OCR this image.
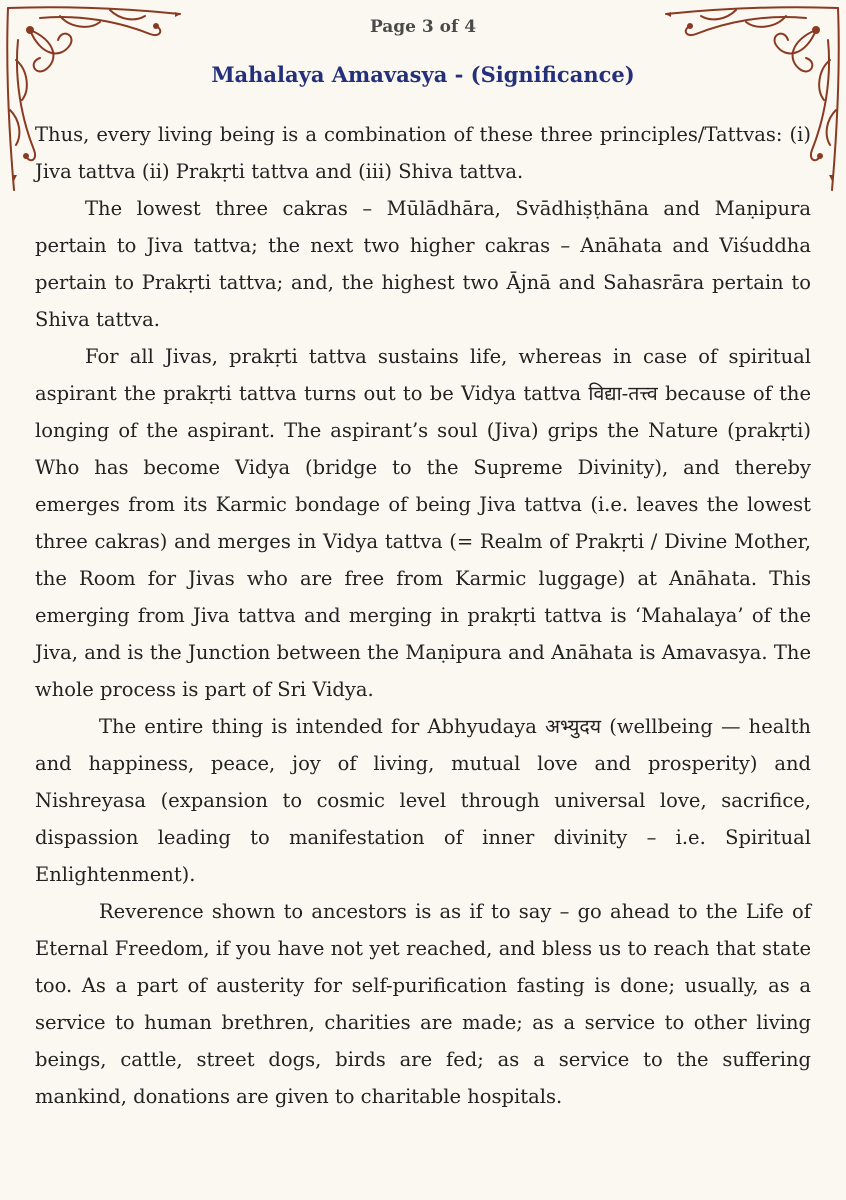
Page 3 of 4
Mahalaya Amavasya - (Significance)

Thus, every living being is a combination of these three principles/Tattvas: (i) Jiva tattva (ii) Prakṛti tattva and (iii) Shiva tattva.

The lowest three cakras – Mūlādhāra, Svādhiṣṭhāna and Maṇipura pertain to Jiva tattva; the next two higher cakras – Anāhata and Viśuddha pertain to Prakṛti tattva; and, the highest two Ājnā and Sahasrāra pertain to Shiva tattva.

For all Jivas, prakṛti tattva sustains life, whereas in case of spiritual aspirant the prakṛti tattva turns out to be Vidya tattva विद्या-तत्त्व because of the longing of the aspirant. The aspirant’s soul (Jiva) grips the Nature (prakṛti) Who has become Vidya (bridge to the Supreme Divinity), and thereby emerges from its Karmic bondage of being Jiva tattva (i.e. leaves the lowest three cakras) and merges in Vidya tattva (= Realm of Prakṛti / Divine Mother, the Room for Jivas who are free from Karmic luggage) at Anāhata. This emerging from Jiva tattva and merging in prakṛti tattva is ‘Mahalaya’ of the Jiva, and is the Junction between the Maṇipura and Anāhata is Amavasya. The whole process is part of Sri Vidya.

The entire thing is intended for Abhyudaya अभ्युदय (wellbeing — health and happiness, peace, joy of living, mutual love and prosperity) and Nishreyasa (expansion to cosmic level through universal love, sacrifice, dispassion leading to manifestation of inner divinity – i.e. Spiritual Enlightenment).

Reverence shown to ancestors is as if to say – go ahead to the Life of Eternal Freedom, if you have not yet reached, and bless us to reach that state too. As a part of austerity for self-purification fasting is done; usually, as a service to human brethren, charities are made; as a service to other living beings, cattle, street dogs, birds are fed; as a service to the suffering mankind, donations are given to charitable hospitals.
